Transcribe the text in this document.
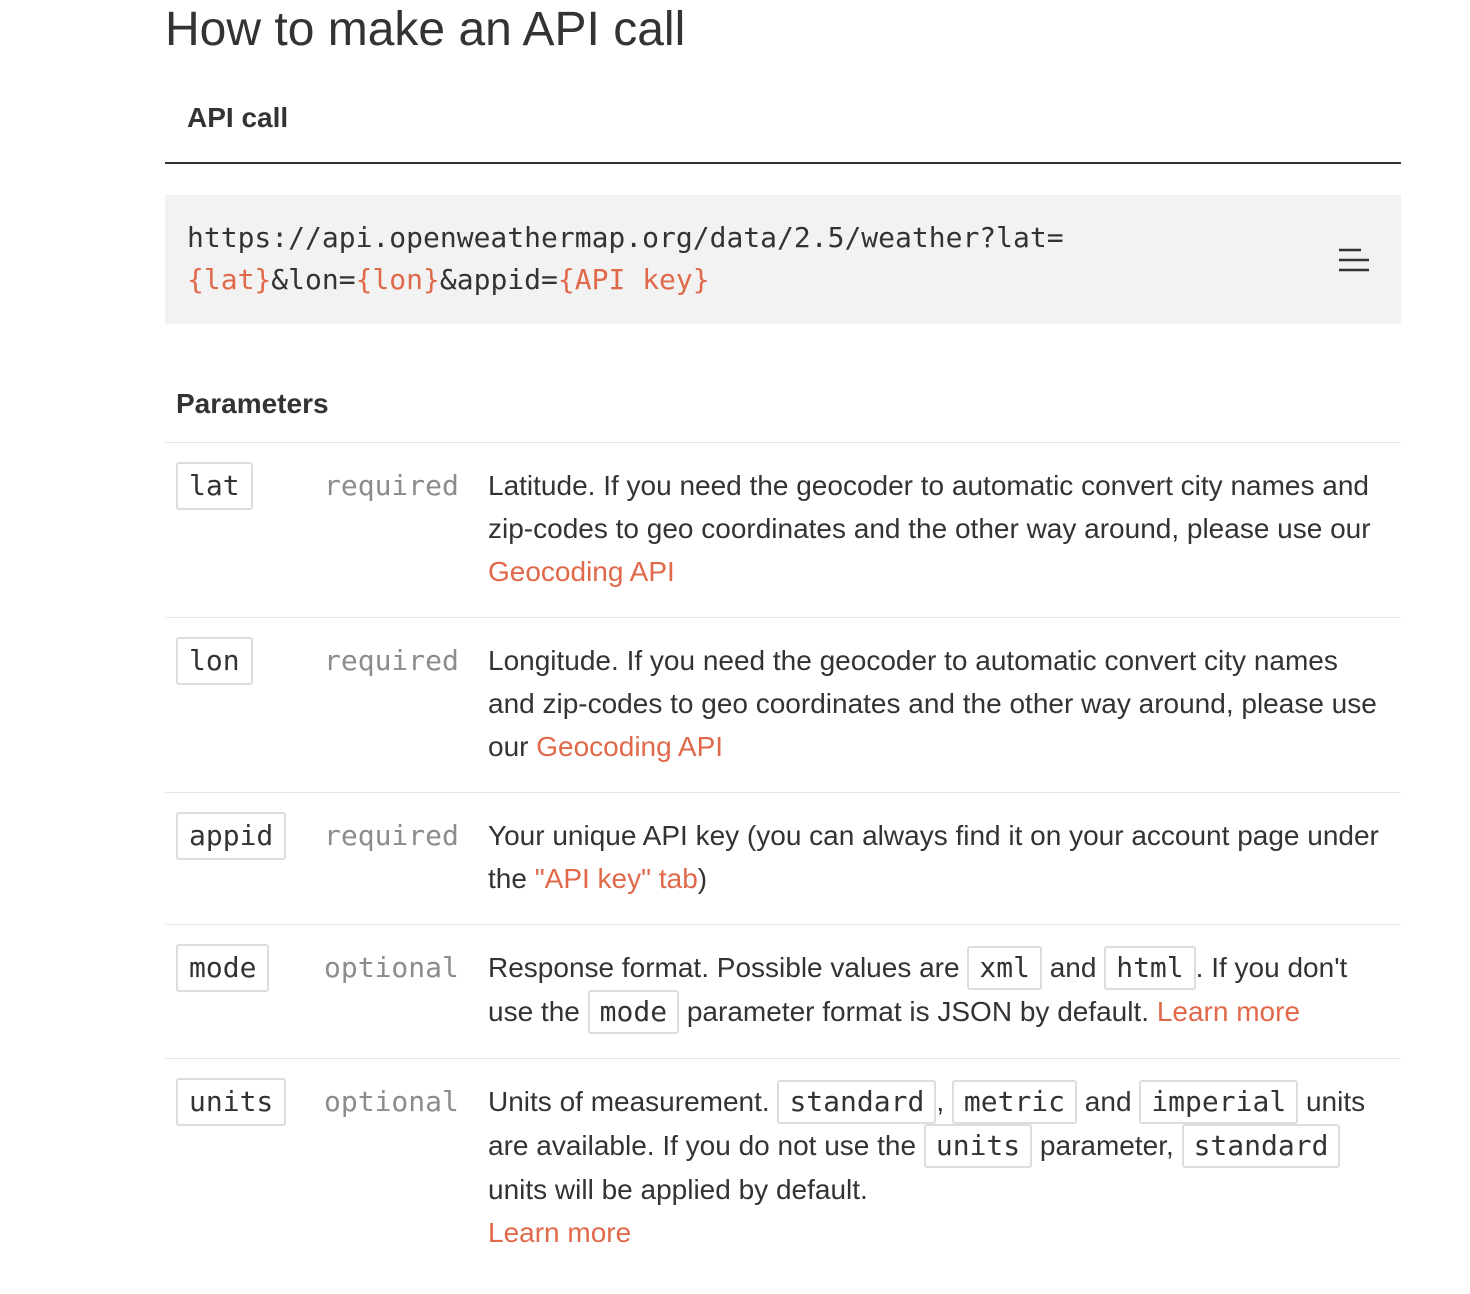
How to make an API call
API call
https://api.openweathermap.org/data/2.5/weather?lat=
{lat}&lon={lon}&appid={API key}
Parameters
lat	required	Latitude. If you need the geocoder to automatic convert city names and zip-codes to geo coordinates and the other way around, please use our Geocoding API
lon	required	Longitude. If you need the geocoder to automatic convert city names and zip-codes to geo coordinates and the other way around, please use our Geocoding API
appid	required	Your unique API key (you can always find it on your account page under the "API key" tab)
mode	optional	Response format. Possible values are xml and html . If you don't use the mode parameter format is JSON by default. Learn more
units	optional	Units of measurement. standard , metric and imperial units are available. If you do not use the units parameter, standard units will be applied by default.
Learn more
